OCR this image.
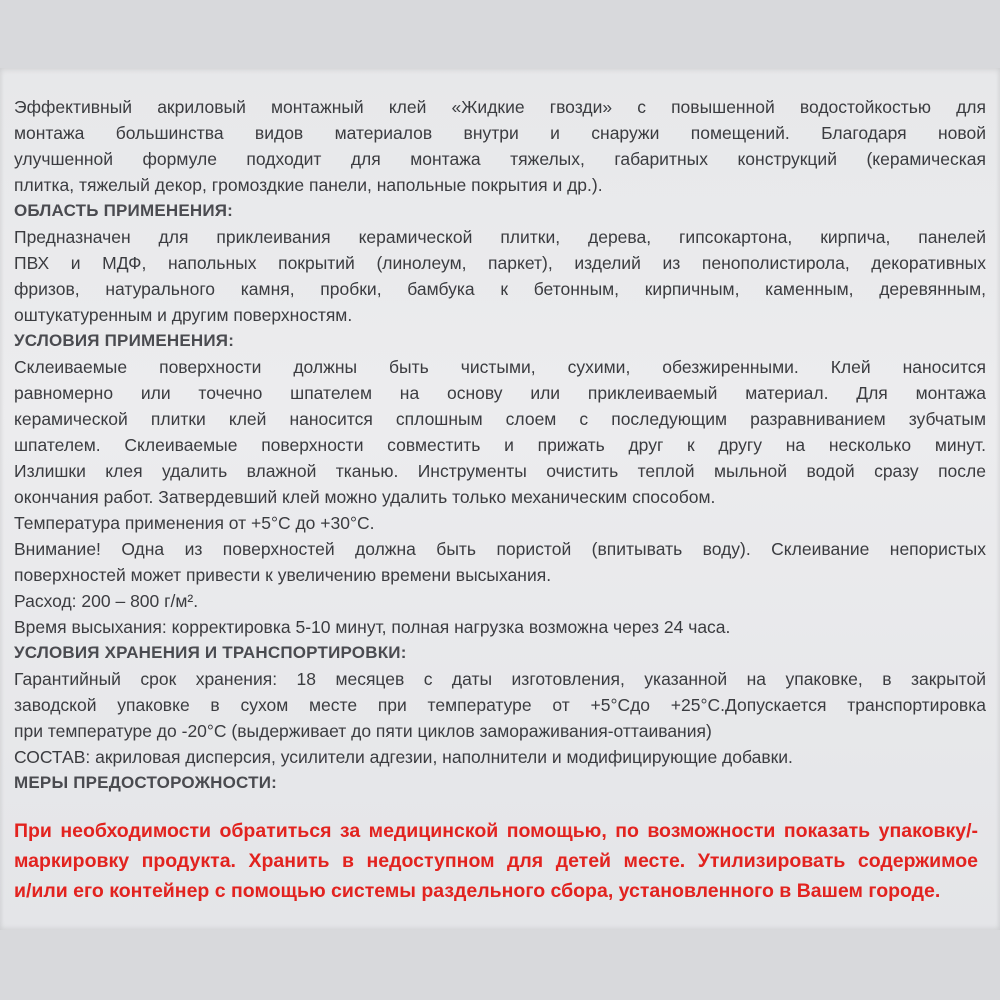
Эффективный акриловый монтажный клей «Жидкие гвозди» с повышенной водостойкостью для

монтажа большинства видов материалов внутри и снаружи помещений. Благодаря новой

улучшенной формуле подходит для монтажа тяжелых, габаритных конструкций (керамическая

плитка, тяжелый декор, громоздкие панели, напольные покрытия и др.).

ОБЛАСТЬ ПРИМЕНЕНИЯ:

Предназначен для приклеивания керамической плитки, дерева, гипсокартона, кирпича, панелей

ПВХ и МДФ, напольных покрытий (линолеум, паркет), изделий из пенополистирола, декоративных

фризов, натурального камня, пробки, бамбука к бетонным, кирпичным, каменным, деревянным,

оштукатуренным и другим поверхностям.

УСЛОВИЯ ПРИМЕНЕНИЯ:

Склеиваемые поверхности должны быть чистыми, сухими, обезжиренными. Клей наносится

равномерно или точечно шпателем на основу или приклеиваемый материал. Для монтажа

керамической плитки клей наносится сплошным слоем с последующим разравниванием зубчатым

шпателем. Склеиваемые поверхности совместить и прижать друг к другу на несколько минут.

Излишки клея удалить влажной тканью. Инструменты очистить теплой мыльной водой сразу после

окончания работ. Затвердевший клей можно удалить только механическим способом.

Температура применения от +5°С до +30°С.

Внимание! Одна из поверхностей должна быть пористой (впитывать воду). Склеивание непористых

поверхностей может привести к увеличению времени высыхания.

Расход: 200 – 800 г/м².

Время высыхания: корректировка 5-10 минут, полная нагрузка возможна через 24 часа.

УСЛОВИЯ ХРАНЕНИЯ И ТРАНСПОРТИРОВКИ:

Гарантийный срок хранения: 18 месяцев с даты изготовления, указанной на упаковке, в закрытой

заводской упаковке в сухом месте при температуре от +5°Сдо +25°С.Допускается транспортировка

при температуре до -20°С (выдерживает до пяти циклов замораживания-оттаивания)

СОСТАВ: акриловая дисперсия, усилители адгезии, наполнители и модифицирующие добавки.

МЕРЫ ПРЕДОСТОРОЖНОСТИ:

При необходимости обратиться за медицинской помощью, по возможности показать упаковку/-

маркировку продукта. Хранить в недоступном для детей месте. Утилизировать содержимое

и/или его контейнер с помощью системы раздельного сбора, установленного в Вашем городе.
